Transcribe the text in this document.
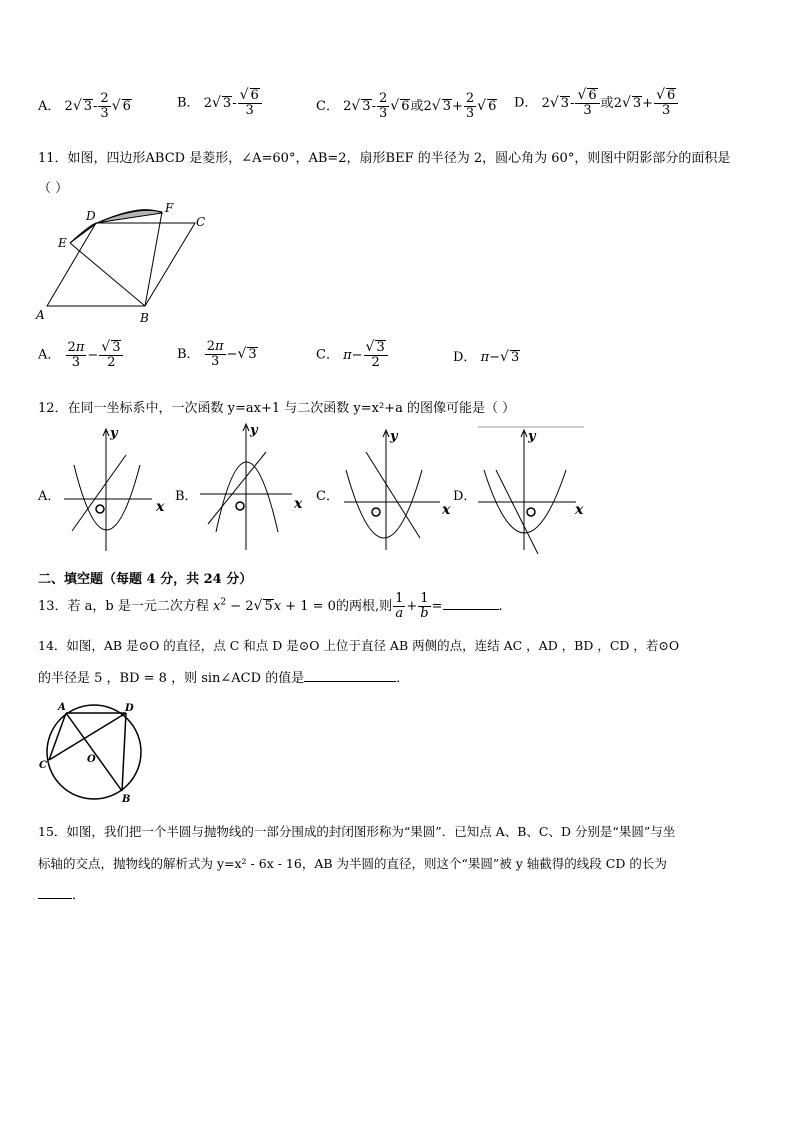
A． 2√ $3- \frac{2}{3}$ √ 6	B． 2√ $3- \frac{√ 6}{3}$	C． 2√ $3- \frac{2}{3}$ √ 6或2√ $3+ \frac{2}{3}$ √ 6 D． 2√ $3- \frac{√ 6}{3}$ 或2√ $3+ \frac{√ 6}{3}$
11．如图，四边形ABCD 是菱形，∠A=60°，AB=2，扇形BEF 的半径为 2，圆心角为 60°，则图中阴影部分的面积是
（ ）
A	B
C
D
E
F
A． $\frac{2\pi}{3} - \frac{√ 3}{2}$	B． $\frac{2\pi}{3}$ −√ 3	C． $\pi- \frac{√ 3}{2}$	D． π−√ 3
12．在同一坐标系中，一次函数 y=ax+1 与二次函数 y=x²+a 的图像可能是（ ）
A．
x
y
B．	x
y
C．
x
y
D．
x
y
二、填空题（每题 4 分，共 24 分）
13．若 a，b 是一元二次方程 $x^2 - 2√$ 5x + 1 = 0的两根,则 $\frac{1}{a} + \frac{1}{b}$ =	.
14．如图，AB 是⊙O 的直径，点 C 和点 D 是⊙O 上位于直径 AB 两侧的点，连结 AC ，AD ，BD ，CD ，若⊙O
的半径是 5 ，BD = 8 ，则 sin∠ACD 的值是	．
A	D
C
O
B
15．如图，我们把一个半圆与抛物线的一部分围成的封闭图形称为“果圆”．已知点 A、B、C、D 分别是“果圆”与坐
标轴的交点，抛物线的解析式为 y=x² - 6x - 16，AB 为半圆的直径，则这个“果圆”被 y 轴截得的线段 CD 的长为
．
